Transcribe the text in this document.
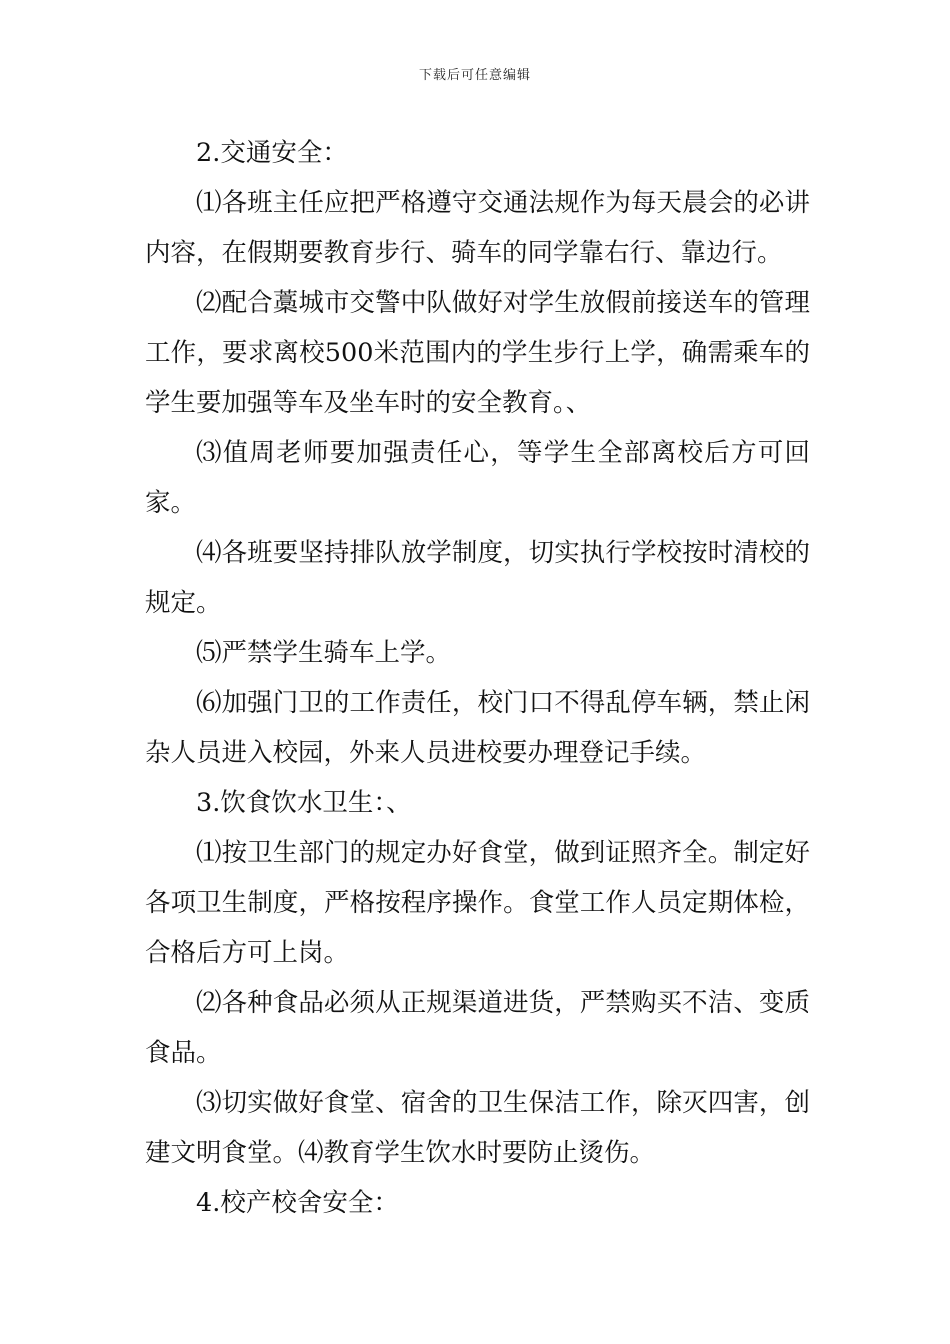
下载后可任意编辑

2.交通安全：

⑴各班主任应把严格遵守交通法规作为每天晨会的必讲内容，在假期要教育步行、骑车的同学靠右行、靠边行。

⑵配合藁城市交警中队做好对学生放假前接送车的管理工作，要求离校500米范围内的学生步行上学，确需乘车的学生要加强等车及坐车时的安全教育。、

⑶值周老师要加强责任心，等学生全部离校后方可回家。

⑷各班要坚持排队放学制度，切实执行学校按时清校的规定。

⑸严禁学生骑车上学。

⑹加强门卫的工作责任，校门口不得乱停车辆，禁止闲杂人员进入校园，外来人员进校要办理登记手续。

3.饮食饮水卫生：、

⑴按卫生部门的规定办好食堂，做到证照齐全。制定好各项卫生制度，严格按程序操作。食堂工作人员定期体检，合格后方可上岗。

⑵各种食品必须从正规渠道进货，严禁购买不洁、变质食品。

⑶切实做好食堂、宿舍的卫生保洁工作，除灭四害，创建文明食堂。⑷教育学生饮水时要防止烫伤。

4.校产校舍安全：
